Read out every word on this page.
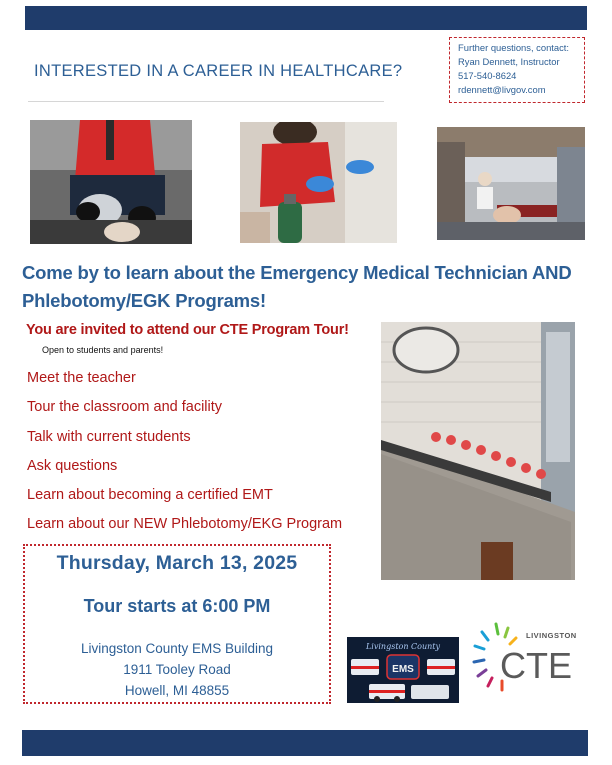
INTERESTED IN A CAREER IN HEALTHCARE?
Further questions, contact:
Ryan Dennett, Instructor
517-540-8624
rdennett@livgov.com
Come by to learn about the Emergency Medical Technician AND
Phlebotomy/EGK Programs!
You are invited to attend our CTE Program Tour!
Open to students and parents!
Meet the teacher
Tour the classroom and facility
Talk with current students
Ask questions
Learn about becoming a certified EMT
Learn about our NEW Phlebotomy/EKG Program
Thursday, March 13, 2025
Tour starts at 6:00 PM
Livingston County EMS Building
1911 Tooley Road
Howell, MI 48855
Livingston County
EMS
LIVINGSTON
CTE
